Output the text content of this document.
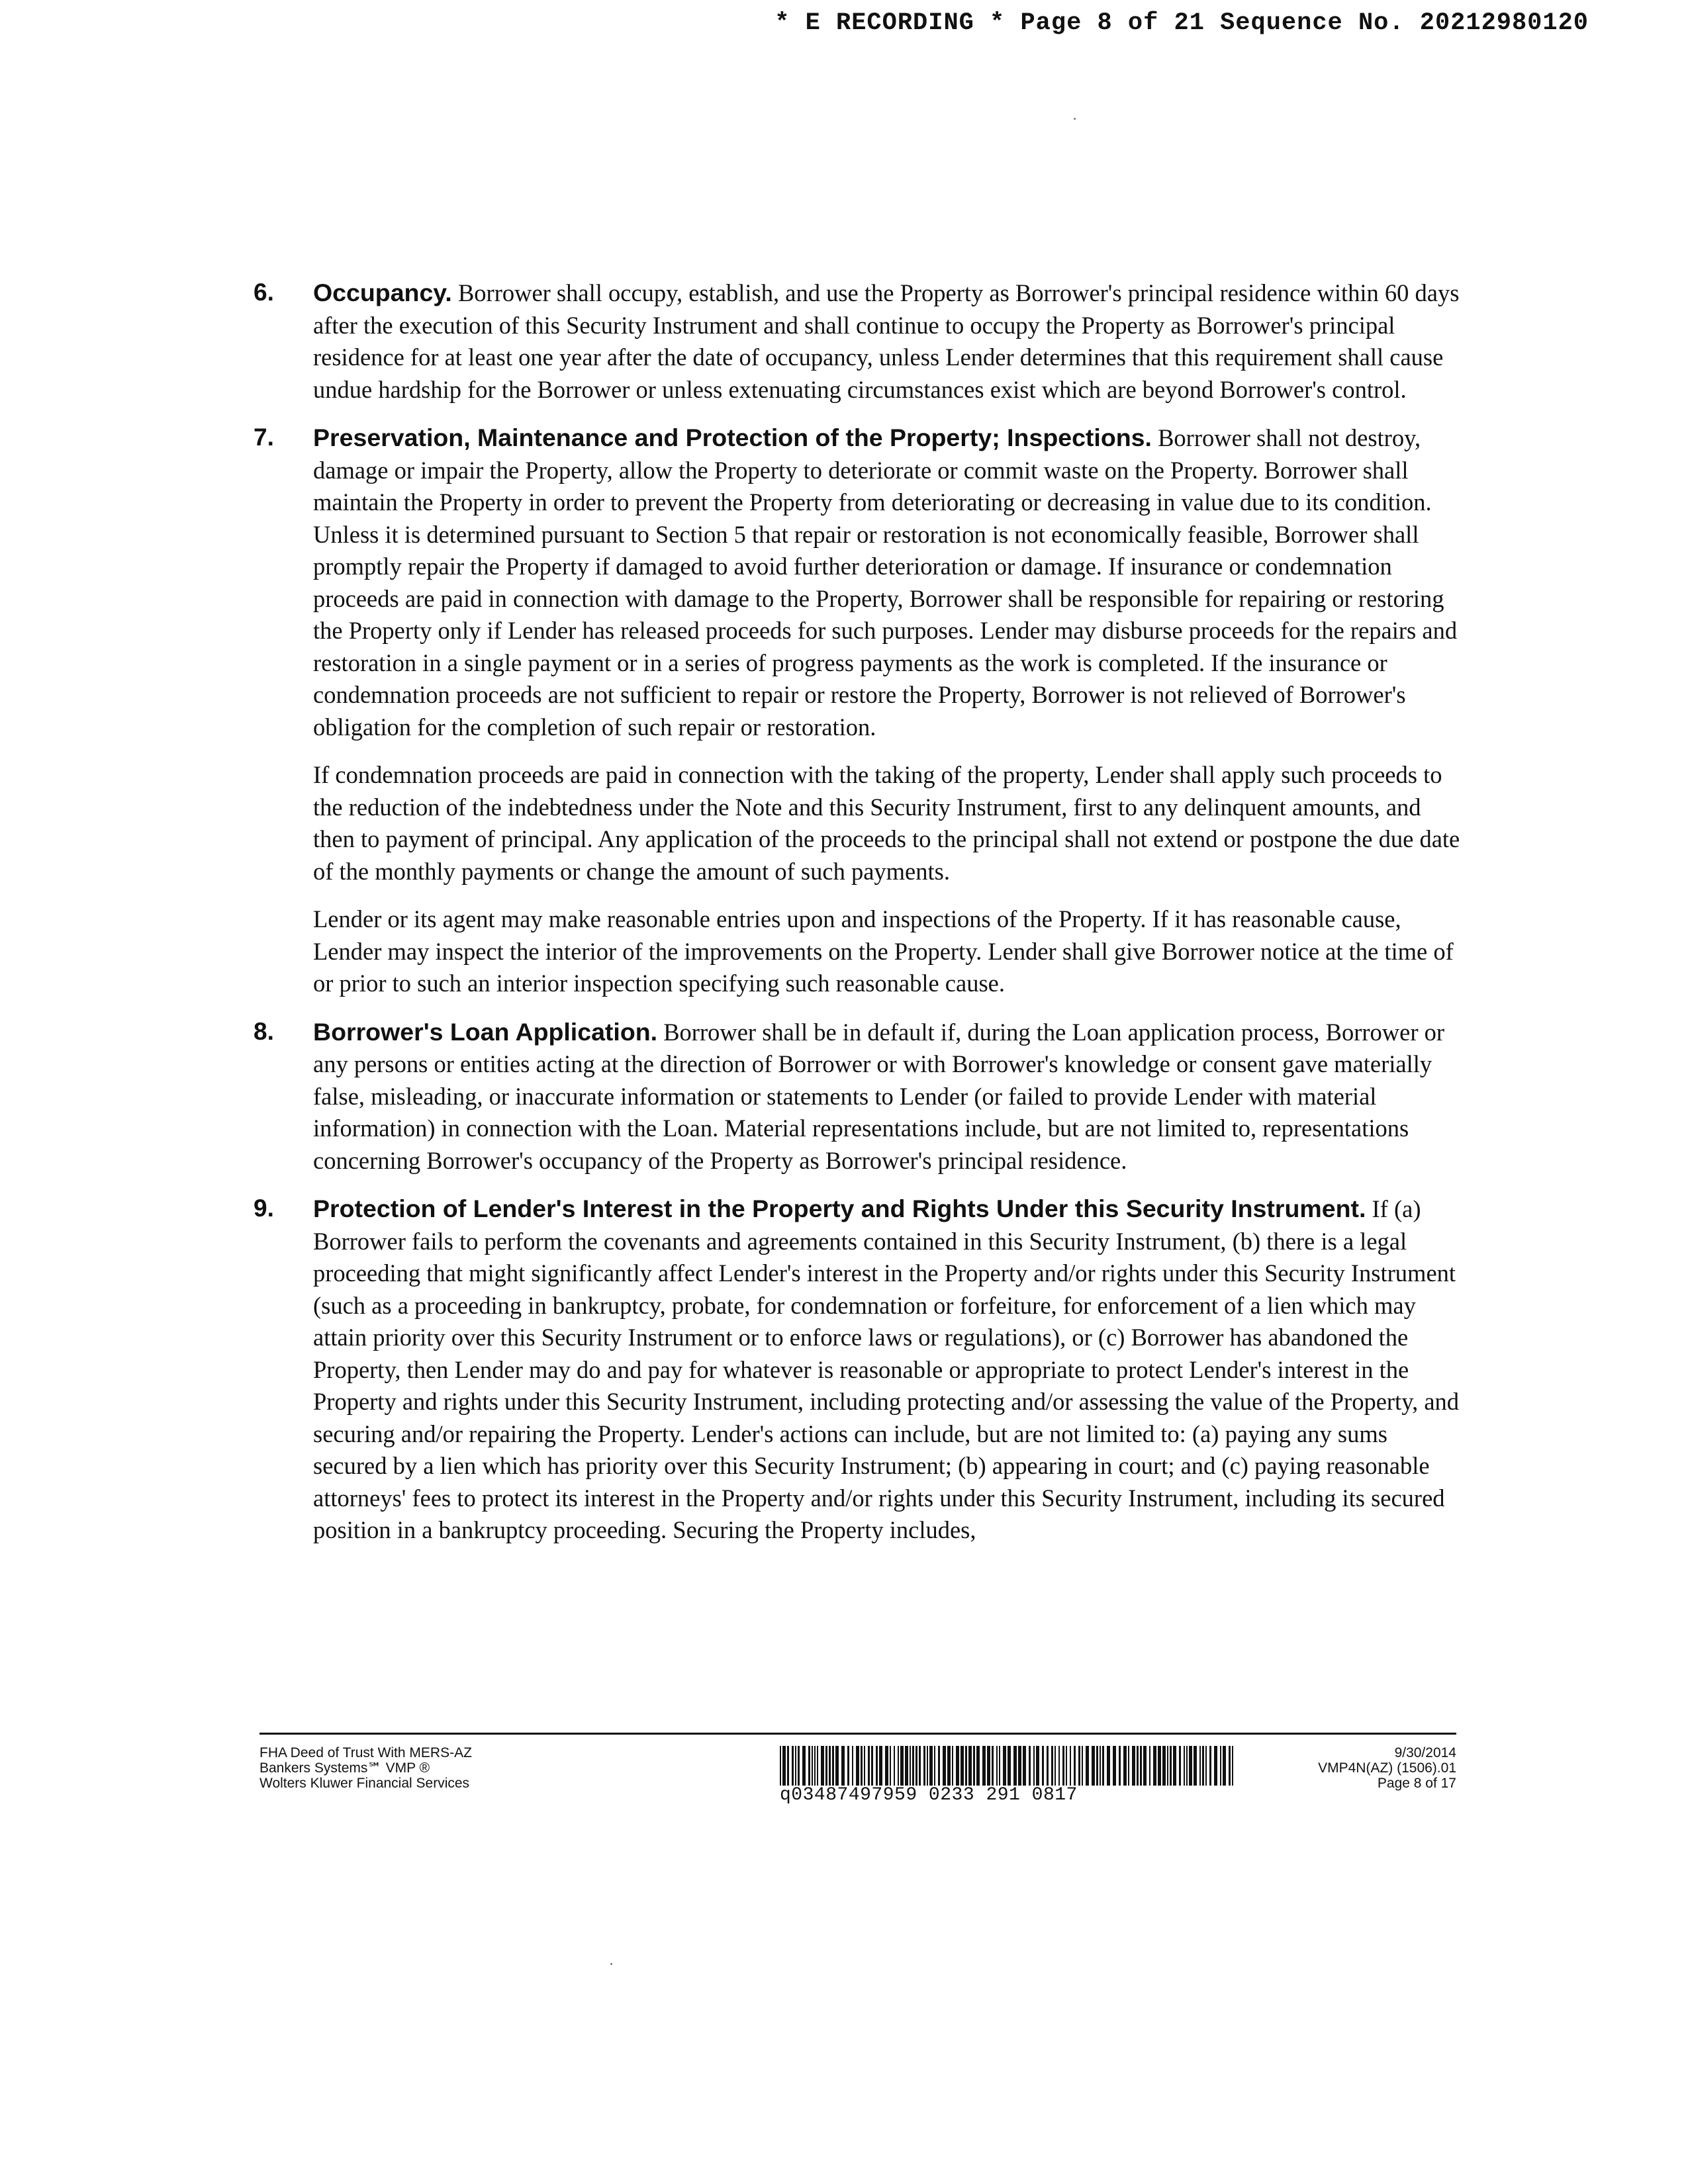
* E RECORDING * Page 8 of 21 Sequence No. 20212980120
6. Occupancy. Borrower shall occupy, establish, and use the Property as Borrower's principal residence within 60 days after the execution of this Security Instrument and shall continue to occupy the Property as Borrower's principal residence for at least one year after the date of occupancy, unless Lender determines that this requirement shall cause undue hardship for the Borrower or unless extenuating circumstances exist which are beyond Borrower's control.

7. Preservation, Maintenance and Protection of the Property; Inspections. Borrower shall not destroy, damage or impair the Property, allow the Property to deteriorate or commit waste on the Property. Borrower shall maintain the Property in order to prevent the Property from deteriorating or decreasing in value due to its condition. Unless it is determined pursuant to Section 5 that repair or restoration is not economically feasible, Borrower shall promptly repair the Property if damaged to avoid further deterioration or damage. If insurance or condemnation proceeds are paid in connection with damage to the Property, Borrower shall be responsible for repairing or restoring the Property only if Lender has released proceeds for such purposes. Lender may disburse proceeds for the repairs and restoration in a single payment or in a series of progress payments as the work is completed. If the insurance or condemnation proceeds are not sufficient to repair or restore the Property, Borrower is not relieved of Borrower's obligation for the completion of such repair or restoration.

If condemnation proceeds are paid in connection with the taking of the property, Lender shall apply such proceeds to the reduction of the indebtedness under the Note and this Security Instrument, first to any delinquent amounts, and then to payment of principal. Any application of the proceeds to the principal shall not extend or postpone the due date of the monthly payments or change the amount of such payments.

Lender or its agent may make reasonable entries upon and inspections of the Property. If it has reasonable cause, Lender may inspect the interior of the improvements on the Property. Lender shall give Borrower notice at the time of or prior to such an interior inspection specifying such reasonable cause.

8. Borrower's Loan Application. Borrower shall be in default if, during the Loan application process, Borrower or any persons or entities acting at the direction of Borrower or with Borrower's knowledge or consent gave materially false, misleading, or inaccurate information or statements to Lender (or failed to provide Lender with material information) in connection with the Loan. Material representations include, but are not limited to, representations concerning Borrower's occupancy of the Property as Borrower's principal residence.

9. Protection of Lender's Interest in the Property and Rights Under this Security Instrument. If (a) Borrower fails to perform the covenants and agreements contained in this Security Instrument, (b) there is a legal proceeding that might significantly affect Lender's interest in the Property and/or rights under this Security Instrument (such as a proceeding in bankruptcy, probate, for condemnation or forfeiture, for enforcement of a lien which may attain priority over this Security Instrument or to enforce laws or regulations), or (c) Borrower has abandoned the Property, then Lender may do and pay for whatever is reasonable or appropriate to protect Lender's interest in the Property and rights under this Security Instrument, including protecting and/or assessing the value of the Property, and securing and/or repairing the Property. Lender's actions can include, but are not limited to: (a) paying any sums secured by a lien which has priority over this Security Instrument; (b) appearing in court; and (c) paying reasonable attorneys' fees to protect its interest in the Property and/or rights under this Security Instrument, including its secured position in a bankruptcy proceeding. Securing the Property includes,

FHA Deed of Trust With MERS-AZ
Bankers Systems℠ VMP ®
Wolters Kluwer Financial Services
q03487497959 0233 291 0817
9/30/2014
VMP4N(AZ) (1506).01
Page 8 of 17
